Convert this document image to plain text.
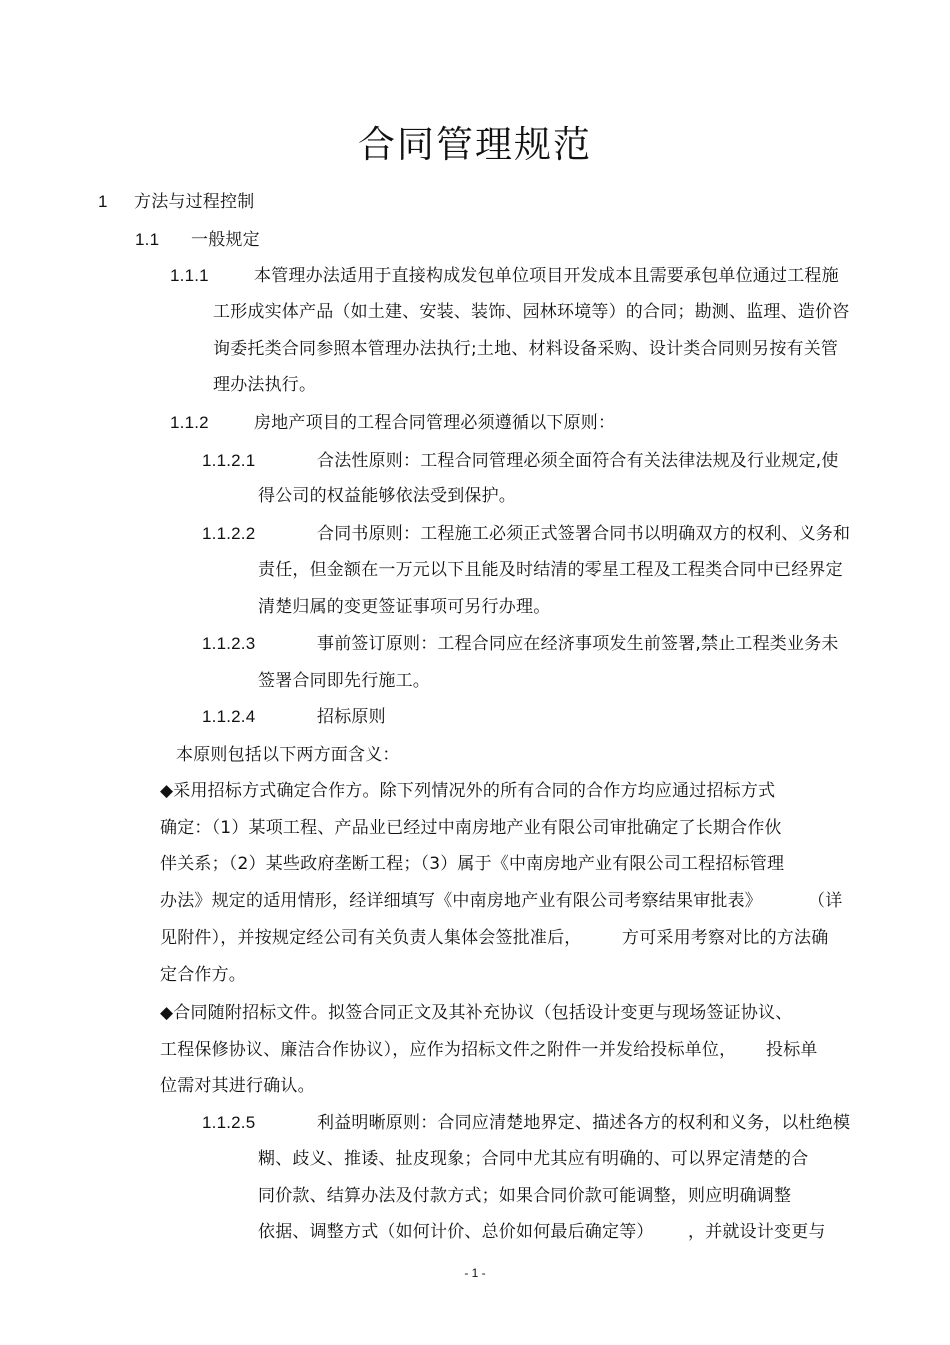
合同管理规范
1 方法与过程控制
1.1 一般规定
1.1.1	本管理办法适用于直接构成发包单位项目开发成本且需要承包单位通过工程施
工形成实体产品（如土建、安装、装饰、园林环境等）的合同；勘测、监理、造价咨
询委托类合同参照本管理办法执行;土地、材料设备采购、设计类合同则另按有关管
理办法执行。
1.1.2	房地产项目的工程合同管理必须遵循以下原则：
1.1.2.1	合法性原则：工程合同管理必须全面符合有关法律法规及行业规定,使
得公司的权益能够依法受到保护。
1.1.2.2	合同书原则：工程施工必须正式签署合同书以明确双方的权利、义务和
责任，但金额在一万元以下且能及时结清的零星工程及工程类合同中已经界定
清楚归属的变更签证事项可另行办理。
1.1.2.3	事前签订原则：工程合同应在经济事项发生前签署,禁止工程类业务未
签署合同即先行施工。
1.1.2.4	招标原则
本原则包括以下两方面含义：
◆采用招标方式确定合作方。除下列情况外的所有合同的合作方均应通过招标方式
确定：（1）某项工程、产品业已经过中南房地产业有限公司审批确定了长期合作伙
伴关系；（2）某些政府垄断工程；（3）属于《中南房地产业有限公司工程招标管理
办法》规定的适用情形，经详细填写《中南房地产业有限公司考察结果审批表》	（详
见附件），并按规定经公司有关负责人集体会签批准后， 方可采用考察对比的方法确
定合作方。
◆合同随附招标文件。拟签合同正文及其补充协议（包括设计变更与现场签证协议、
工程保修协议、廉洁合作协议），应作为招标文件之附件一并发给投标单位， 投标单
位需对其进行确认。
1.1.2.5	利益明晰原则：合同应清楚地界定、描述各方的权利和义务，以杜绝模
糊、歧义、推诿、扯皮现象；合同中尤其应有明确的、可以界定清楚的合
同价款、结算办法及付款方式；如果合同价款可能调整，则应明确调整
依据、调整方式（如何计价、总价如何最后确定等） ，并就设计变更与
- 1 -
